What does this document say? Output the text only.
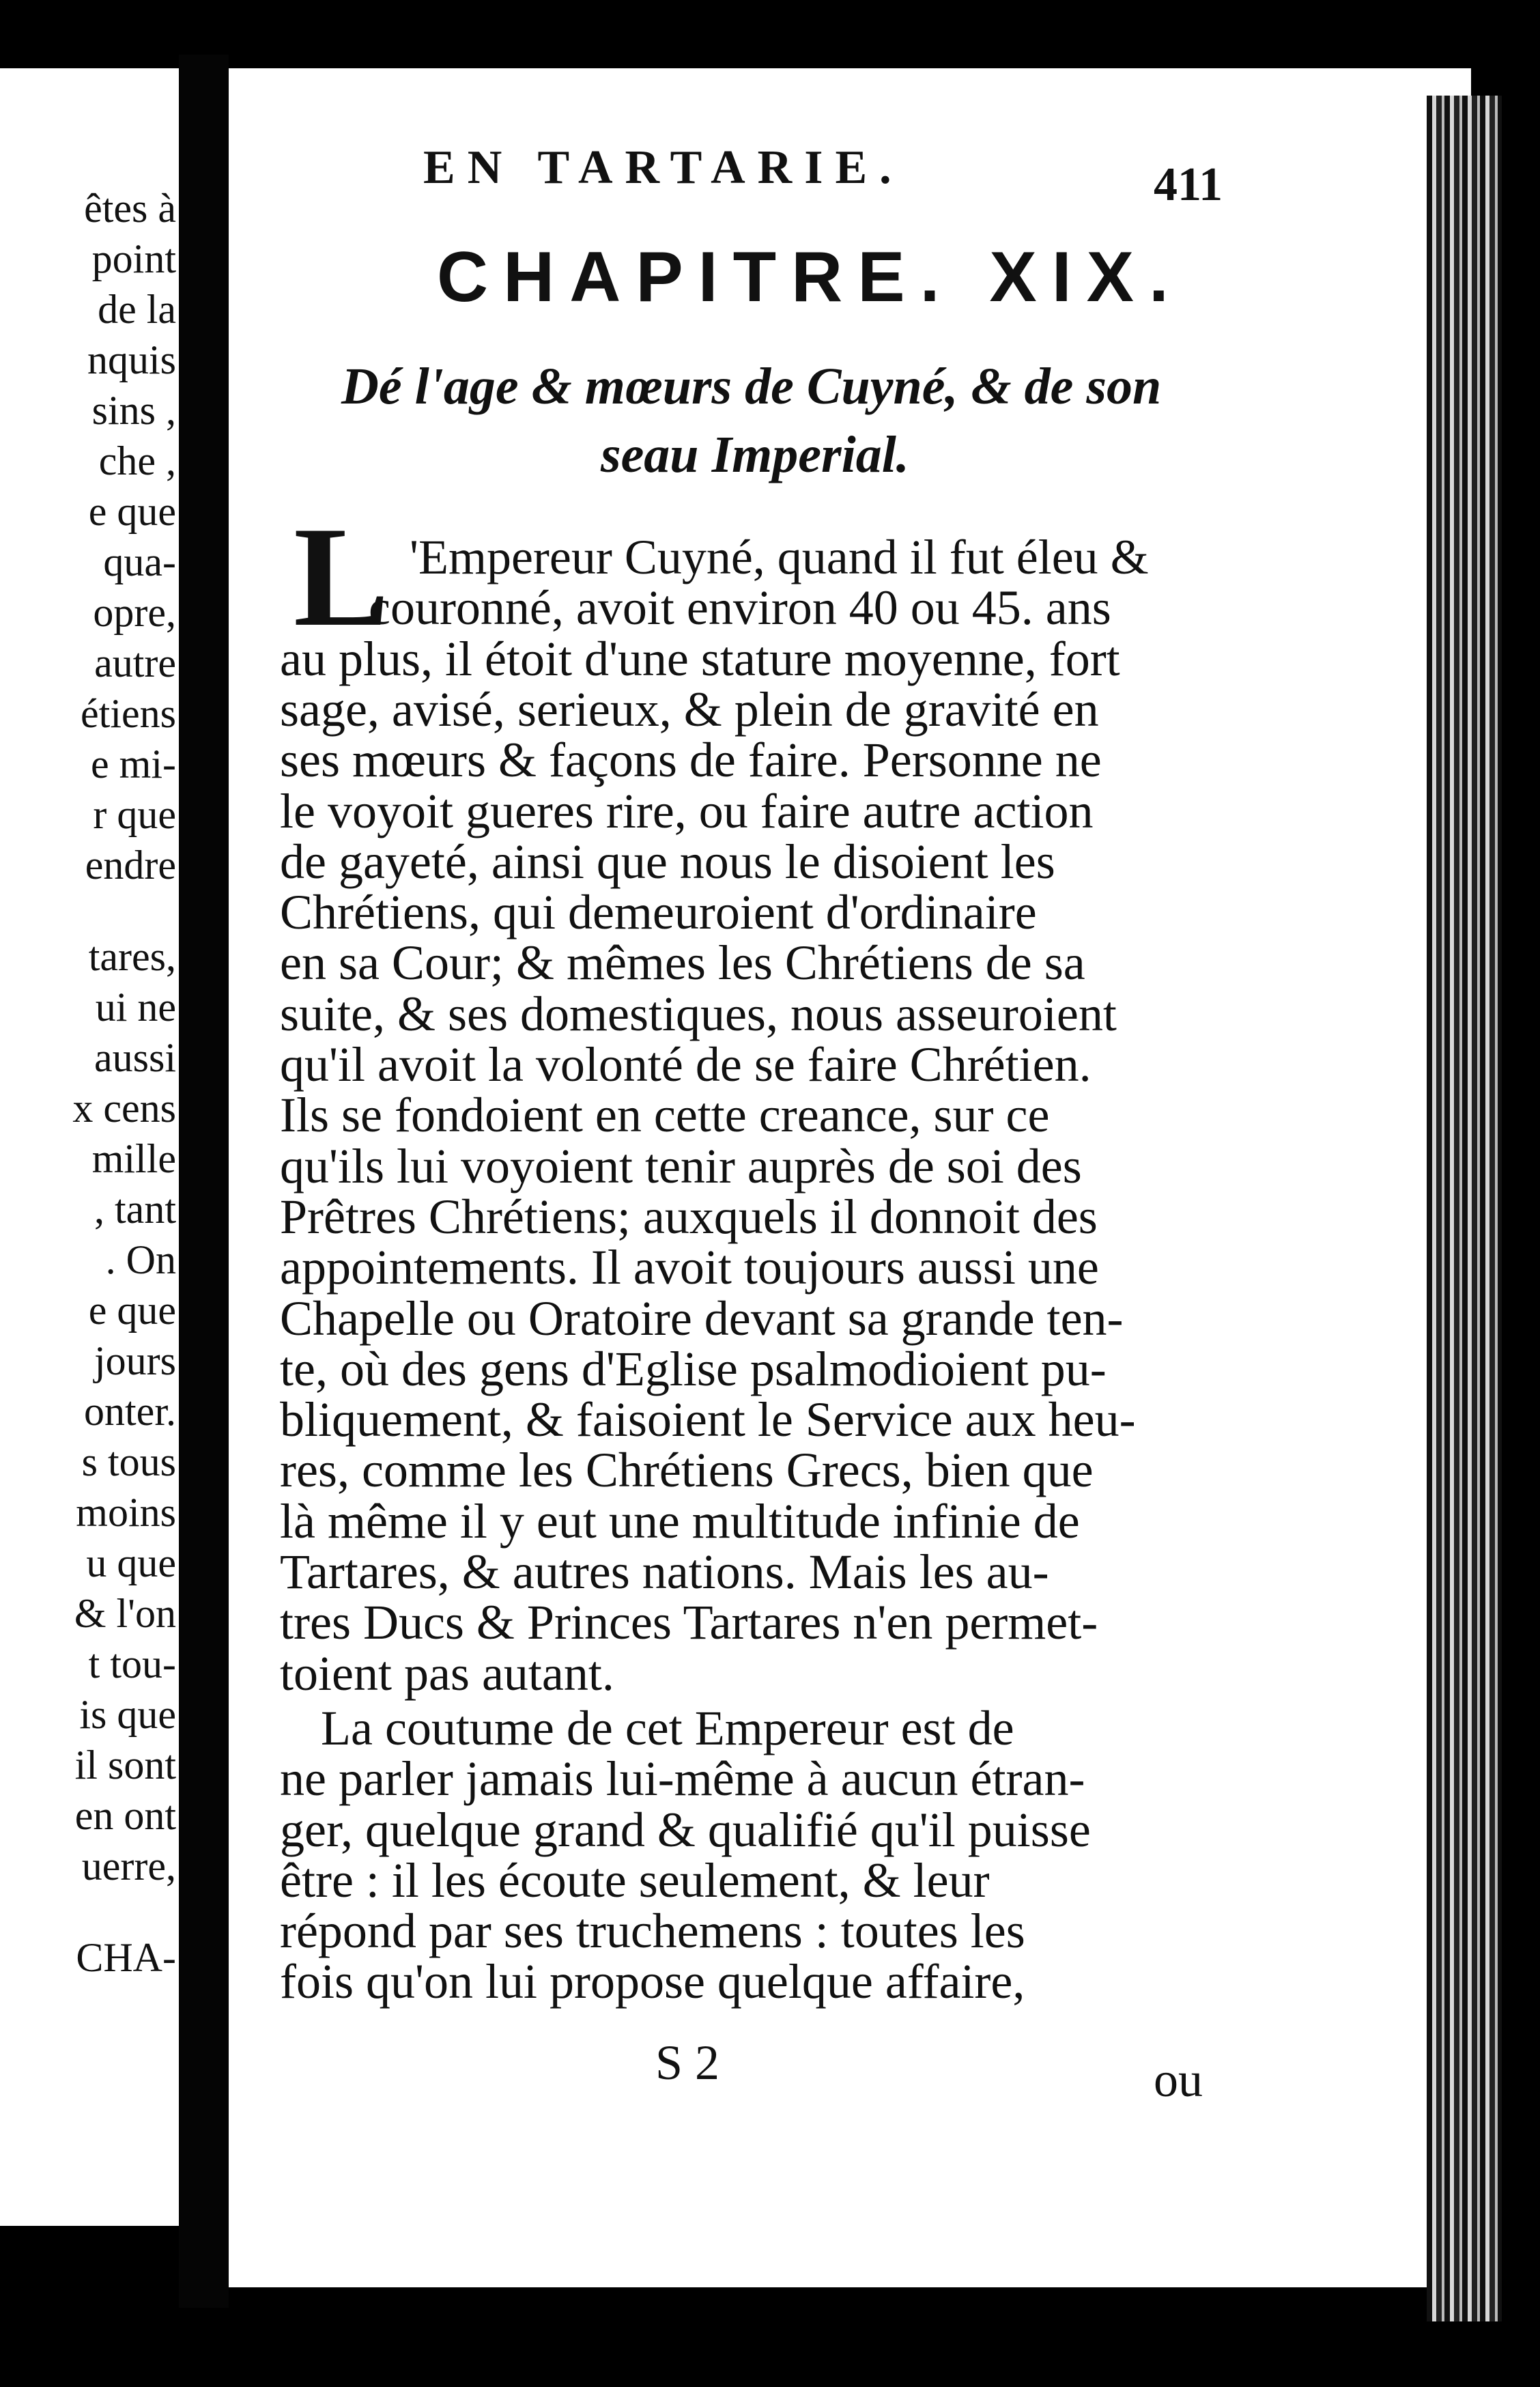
êtes à
point
de la
nquis
sins ,
che ,
e que
qua-
opre,
autre
étiens
e mi-
r que
endre
tares,
ui ne
aussi
x cens
mille
, tant
. On
e que
jours
onter.
s tous
moins
u que
& l'on
t tou-
is que
il sont
en ont
uerre,
CHA-
EN TARTARIE.	411
CHAPITRE. XIX.
Dé l'age & mœurs de Cuyné, & de son
seau Imperial.
L 'Empereur Cuyné, quand il fut éleu &
couronné, avoit environ 40 ou 45. ans
au plus, il étoit d'une stature moyenne, fort
sage, avisé, serieux, & plein de gravité en
ses mœurs & façons de faire. Personne ne
le voyoit gueres rire, ou faire autre action
de gayeté, ainsi que nous le disoient les
Chrétiens, qui demeuroient d'ordinaire
en sa Cour; & mêmes les Chrétiens de sa
suite, & ses domestiques, nous asseuroient
qu'il avoit la volonté de se faire Chrétien.
Ils se fondoient en cette creance, sur ce
qu'ils lui voyoient tenir auprès de soi des
Prêtres Chrétiens; auxquels il donnoit des
appointements. Il avoit toujours aussi une
Chapelle ou Oratoire devant sa grande ten-
te, où des gens d'Eglise psalmodioient pu-
bliquement, & faisoient le Service aux heu-
res, comme les Chrétiens Grecs, bien que
là même il y eut une multitude infinie de
Tartares, & autres nations. Mais les au-
tres Ducs & Princes Tartares n'en permet-
toient pas autant.
La coutume de cet Empereur est de
ne parler jamais lui-même à aucun étran-
ger, quelque grand & qualifié qu'il puisse
être : il les écoute seulement, & leur
répond par ses truchemens : toutes les
fois qu'on lui propose quelque affaire,
S 2	ou
